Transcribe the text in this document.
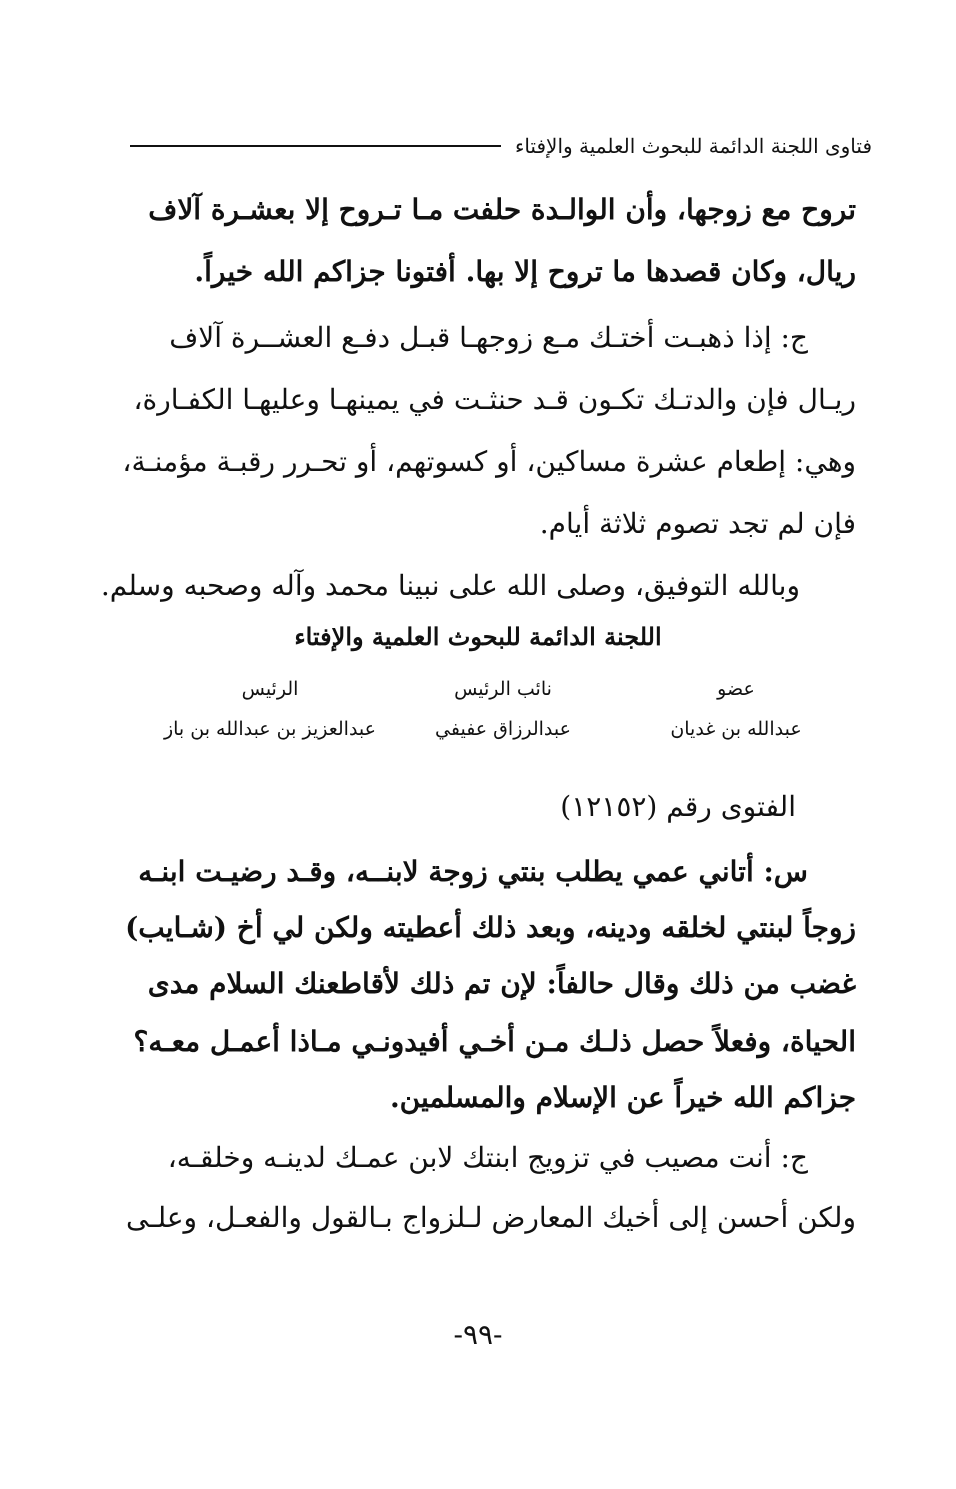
فتاوى اللجنة الدائمة للبحوث العلمية والإفتاء
تروح مع زوجها، وأن الوالـدة حلفت مـا تـروح إلا بعشـرة آلاف
ريال، وكان قصدها ما تروح إلا بها. أفتونا جزاكم الله خيراً.
ج: إذا ذهبـت أختـك مـع زوجهـا قبـل دفـع العشــرة آلاف
ريـال فإن والدتـك تكـون قـد حنثـت في يمينهـا وعليهـا الكفـارة،
وهي: إطعام عشرة مساكين، أو كسوتهم، أو تحـرر رقبـة مؤمنـة،
فإن لم تجد تصوم ثلاثة أيام.
وبالله التوفيق، وصلى الله على نبينا محمد وآله وصحبه وسلم.
اللجنة الدائمة للبحوث العلمية والإفتاء
عضو
نائب الرئيس
الرئيس
عبدالله بن غديان
عبدالرزاق عفيفي
عبدالعزيز بن عبدالله بن باز
الفتوى رقم (١٢١٥٢)
س: أتاني عمي يطلب بنتي زوجة لابنــه، وقـد رضيـت ابنـه
زوجاً لبنتي لخلقه ودينه، وبعد ذلك أعطيته ولكن لي أخ (شـايب)
غضب من ذلك وقال حالفاً: لإن تم ذلك لأقاطعنك السلام مدى
الحياة، وفعلاً حصل ذلـك مـن أخـي أفيدونـي مـاذا أعمـل معـه؟
جزاكم الله خيراً عن الإسلام والمسلمين.
ج: أنت مصيب في تزويج ابنتك لابن عمـك لدينـه وخلقـه،
ولكن أحسن إلى أخيك المعارض لـلزواج بـالقول والفعـل، وعلـى
-٩٩-
